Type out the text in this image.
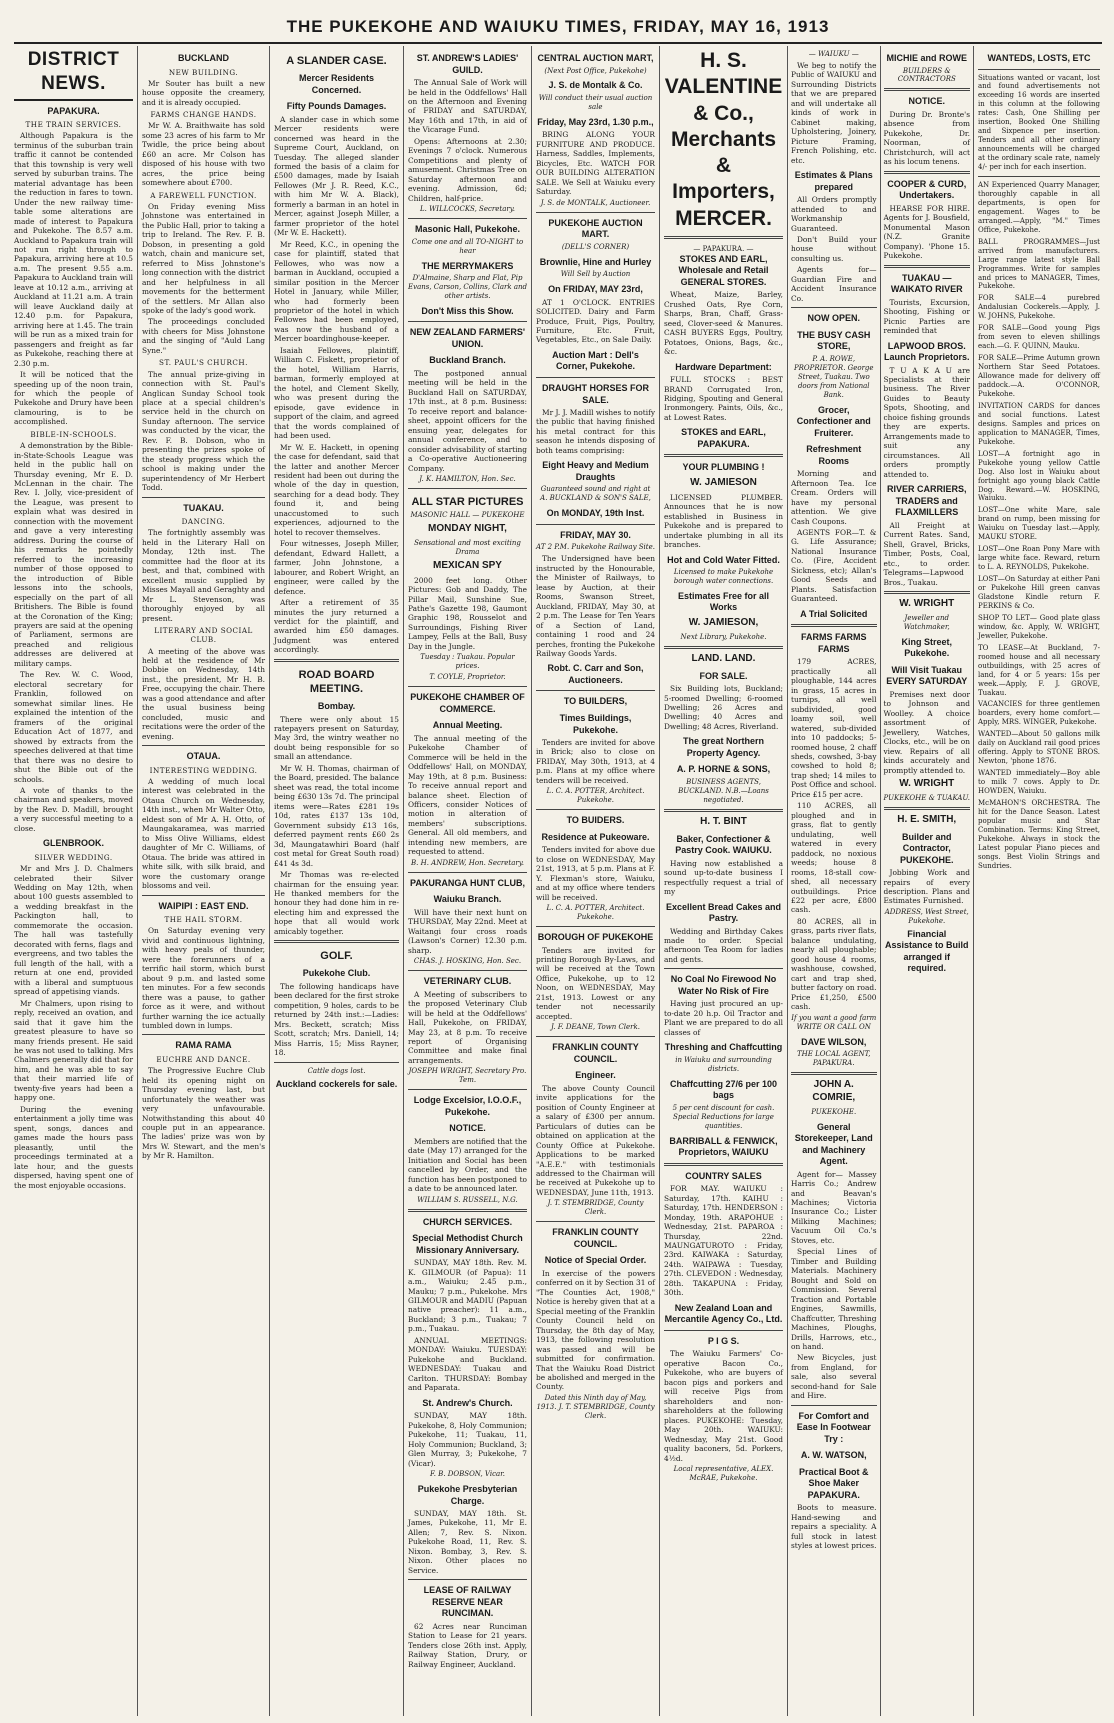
THE PUKEKOHE AND WAIUKU TIMES, FRIDAY, MAY 16, 1913
DISTRICT NEWS.
PAPAKURA.
THE TRAIN SERVICES.

Although Papakura is the terminus of the suburban train traffic it cannot be contended that this township is very well served by suburban trains. The material advantage has been the reduction in fares to town. Under the new railway time-table some alterations are made of interest to Papakura and Pukekohe. The 8.57 a.m. Auckland to Papakura train will not run right through to Papakura, arriving here at 10.5 a.m. The present 9.55 a.m. Papakura to Auckland train will leave at 10.12 a.m., arriving at Auckland at 11.21 a.m. A train will leave Auckland daily at 12.40 p.m. for Papakura, arriving here at 1.45. The train will be run as a mixed train for passengers and freight as far as Pukekohe, reaching there at 2.30 p.m.

It will be noticed that the speeding up of the noon train, for which the people of Pukekohe and Drury have been clamouring, is to be accomplished.

BIBLE-IN-SCHOOLS.

A demonstration by the Bible-in-State-Schools League was held in the public hall on Thursday evening, Mr E. D. McLennan in the chair. The Rev. I. Jolly, vice-president of the League, was present to explain what was desired in connection with the movement and gave a very interesting address. During the course of his remarks he pointedly referred to the increasing number of those opposed to the introduction of Bible lessons into the schools, especially on the part of all Britishers. The Bible is found at the Coronation of the King; prayers are said at the opening of Parliament, sermons are preached and religious addresses are delivered at military camps.

The Rev. W. C. Wood, electoral secretary for Franklin, followed on somewhat similar lines. He explained the intention of the framers of the original Education Act of 1877, and showed by extracts from the speeches delivered at that time that there was no desire to shut the Bible out of the schools.

A vote of thanks to the chairman and speakers, moved by the Rev. D. Madill, brought a very successful meeting to a close.

GLENBROOK.
SILVER WEDDING.

Mr and Mrs J. D. Chalmers celebrated their Silver Wedding on May 12th, when about 100 guests assembled to a wedding breakfast in the Packington hall, to commemorate the occasion. The hall was tastefully decorated with ferns, flags and evergreens, and two tables the full length of the hall, with a return at one end, provided with a liberal and sumptuous spread of appetising viands.

Mr Chalmers, upon rising to reply, received an ovation, and said that it gave him the greatest pleasure to have so many friends present. He said he was not used to talking. Mrs Chalmers generally did that for him, and he was able to say that their married life of twenty-five years had been a happy one.

During the evening entertainment a jolly time was spent, songs, dances and games made the hours pass pleasantly, until the proceedings terminated at a late hour, and the guests dispersed, having spent one of the most enjoyable occasions.

BUCKLAND
NEW BUILDING.

Mr Souter has built a new house opposite the creamery, and it is already occupied.

FARMS CHANGE HANDS.

Mr W. A. Braithwaite has sold some 23 acres of his farm to Mr Twidle, the price being about £60 an acre. Mr Colson has disposed of his house with two acres, the price being somewhere about £700.

A FAREWELL FUNCTION.

On Friday evening Miss Johnstone was entertained in the Public Hall, prior to taking a trip to Ireland. The Rev. F. B. Dobson, in presenting a gold watch, chain and manicure set, referred to Miss Johnstone's long connection with the district and her helpfulness in all movements for the betterment of the settlers. Mr Allan also spoke of the lady's good work.

The proceedings concluded with cheers for Miss Johnstone and the singing of "Auld Lang Syne."

ST. PAUL'S CHURCH.

The annual prize-giving in connection with St. Paul's Anglican Sunday School took place at a special children's service held in the church on Sunday afternoon. The service was conducted by the vicar, the Rev. F. B. Dobson, who in presenting the prizes spoke of the steady progress which the school is making under the superintendency of Mr Herbert Todd.

TUAKAU.
DANCING.

The fortnightly assembly was held in the Literary Hall on Monday, 12th inst. The committee had the floor at its best, and that, combined with excellent music supplied by Misses Mayall and Geraghty and Mr L. Stevenson, was thoroughly enjoyed by all present.

LITERARY AND SOCIAL CLUB.

A meeting of the above was held at the residence of Mr Dobbie on Wednesday, 14th inst., the president, Mr H. B. Free, occupying the chair. There was a good attendance and after the usual business being concluded, music and recitations were the order of the evening.

OTAUA.
INTERESTING WEDDING.

A wedding of much local interest was celebrated in the Otaua Church on Wednesday, 14th inst., when Mr Walter Otto, eldest son of Mr A. H. Otto, of Maungakaramea, was married to Miss Olive Williams, eldest daughter of Mr C. Williams, of Otaua. The bride was attired in white silk, with silk braid, and wore the customary orange blossoms and veil.

WAIPIPI : EAST END.
THE HAIL STORM.

On Saturday evening very vivid and continuous lightning, with heavy peals of thunder, were the forerunners of a terrific hail storm, which burst about 9 p.m. and lasted some ten minutes. For a few seconds there was a pause, to gather force as it were, and without further warning the ice actually tumbled down in lumps.

RAMA RAMA
EUCHRE AND DANCE.

The Progressive Euchre Club held its opening night on Thursday evening last, but unfortunately the weather was very unfavourable. Notwithstanding this about 40 couple put in an appearance. The ladies' prize was won by Mrs W. Stewart, and the men's by Mr R. Hamilton.

A SLANDER CASE.
Mercer Residents Concerned.
Fifty Pounds Damages.

A slander case in which some Mercer residents were concerned was heard in the Supreme Court, Auckland, on Tuesday. The alleged slander formed the basis of a claim for £500 damages, made by Isaiah Fellowes (Mr J. R. Reed, K.C., with him Mr W. A. Black), formerly a barman in an hotel in Mercer, against Joseph Miller, a farmer proprietor of the hotel (Mr W. E. Hackett).

Mr Reed, K.C., in opening the case for plaintiff, stated that Fellowes, who was now a barman in Auckland, occupied a similar position in the Mercer Hotel in January, while Miller, who had formerly been proprietor of the hotel in which Fellowes had been employed, was now the husband of a Mercer boardinghouse-keeper.

Isaiah Fellowes, plaintiff, William C. Fiskett, proprietor of the hotel, William Harris, barman, formerly employed at the hotel, and Clement Skelly, who was present during the episode, gave evidence in support of the claim, and agreed that the words complained of had been used.

Mr W. E. Hackett, in opening the case for defendant, said that the latter and another Mercer resident had been out during the whole of the day in question, searching for a dead body. They found it, and being unaccustomed to such experiences, adjourned to the hotel to recover themselves.

Four witnesses, Joseph Miller, defendant, Edward Hallett, a farmer, John Johnstone, a labourer, and Robert Wright, an engineer, were called by the defence.

After a retirement of 35 minutes the jury returned a verdict for the plaintiff, and awarded him £50 damages. Judgment was entered accordingly.

ROAD BOARD MEETING.
Bombay.

There were only about 15 ratepayers present on Saturday, May 3rd, the wintry weather no doubt being responsible for so small an attendance.

Mr W. H. Thomas, chairman of the Board, presided. The balance sheet was read, the total income being £630 13s 7d. The principal items were—Rates £281 19s 10d, rates £137 13s 10d, Government subsidy £13 16s, deferred payment rents £60 2s 3d, Maungatawhiri Board (half cost metal for Great South road) £41 4s 3d.

Mr Thomas was re-elected chairman for the ensuing year. He thanked members for the honour they had done him in re-electing him and expressed the hope that all would work amicably together.

GOLF.
Pukekohe Club.

The following handicaps have been declared for the first stroke competition, 9 holes, cards to be returned by 24th inst.:—Ladies: Mrs. Beckett, scratch; Miss Scott, scratch; Mrs. Daniell, 14; Miss Harris, 15; Miss Rayner, 18.

Cattle dogs lost.
Auckland cockerels for sale.
ST. ANDREW'S LADIES' GUILD.

The Annual Sale of Work will be held in the Oddfellows' Hall on the Afternoon and Evening of FRIDAY and SATURDAY, May 16th and 17th, in aid of the Vicarage Fund.

Opens: Afternoons at 2.30; Evenings 7 o'clock. Numerous Competitions and plenty of amusement. Christmas Tree on Saturday afternoon and evening. Admission, 6d; Children, half-price.

L. WILLCOCKS, Secretary.
Masonic Hall, Pukekohe.
Come one and all TO-NIGHT to hear
THE MERRYMAKERS
D'Almaine, Sharp and Flat, Pip Evans, Carson, Collins, Clark and other artists.
Don't Miss this Show.
NEW ZEALAND FARMERS' UNION.
Buckland Branch.

The postponed annual meeting will be held in the Buckland Hall on SATURDAY, 17th inst., at 8 p.m. Business: To receive report and balance-sheet, appoint officers for the ensuing year, delegates for annual conference, and to consider advisability of starting a Co-operative Auctioneering Company.

J. K. HAMILTON, Hon. Sec.
ALL STAR PICTURES
MASONIC HALL — PUKEKOHE
MONDAY NIGHT,
Sensational and most exciting Drama
MEXICAN SPY

2000 feet long. Other Pictures: Gob and Daddy, The Pillar Mail, Sunshine Sue, Pathe's Gazette 198, Gaumont Graphic 198, Rousselot and Surroundings, Fishing River Lampey, Fells at the Ball, Busy Day in the Jungle.

Tuesday : Tuakau. Popular prices.
T. COYLE, Proprietor.
PUKEKOHE CHAMBER OF COMMERCE.
Annual Meeting.

The annual meeting of the Pukekohe Chamber of Commerce will be held in the Oddfellows' Hall, on MONDAY, May 19th, at 8 p.m. Business: To receive annual report and balance sheet. Election of Officers, consider Notices of motion in alteration of members' subscriptions. General. All old members, and intending new members, are requested to attend.

B. H. ANDREW, Hon. Secretary.
PAKURANGA HUNT CLUB,
Waiuku Branch.

Will have their next hunt on THURSDAY, May 22nd. Meet at Waitangi four cross roads (Lawson's Corner) 12.30 p.m. sharp.

CHAS. J. HOSKING, Hon. Sec.
VETERINARY CLUB.

A Meeting of subscribers to the proposed Veterinary Club will be held at the Oddfellows' Hall, Pukekohe, on FRIDAY, May 23, at 8 p.m. To receive report of Organising Committee and make final arrangements.

JOSEPH WRIGHT, Secretary Pro. Tem.
Lodge Excelsior, I.O.O.F., Pukekohe.
NOTICE.

Members are notified that the date (May 17) arranged for the Initiation and Social has been cancelled by Order, and the function has been postponed to a date to be announced later.

WILLIAM S. RUSSELL, N.G.
CHURCH SERVICES.
Special Methodist Church Missionary Anniversary.

SUNDAY, MAY 18th. Rev. M. K. GILMOUR (of Papua): 11 a.m., Waiuku; 2.45 p.m., Mauku; 7 p.m., Pukekohe. Mrs GILMOUR and MADIU (Papuan native preacher): 11 a.m., Buckland; 3 p.m., Tuakau; 7 p.m., Tuakau.

ANNUAL MEETINGS: MONDAY: Waiuku. TUESDAY: Pukekohe and Buckland. WEDNESDAY: Tuakau and Carlton. THURSDAY: Bombay and Paparata.

St. Andrew's Church.

SUNDAY, MAY 18th. Pukekohe, 8, Holy Communion; Pukekohe, 11; Tuakau, 11, Holy Communion; Buckland, 3; Glen Murray, 3; Pukekohe, 7 (Vicar).

F. B. DOBSON, Vicar.
Pukekohe Presbyterian Charge.

SUNDAY, MAY 18th. St. James, Pukekohe, 11, Mr E. Allen; 7, Rev. S. Nixon. Pukekohe Road, 11, Rev. S. Nixon. Bombay, 3, Rev. S. Nixon. Other places no Service.

LEASE OF RAILWAY RESERVE NEAR RUNCIMAN.

62 Acres near Runciman Station to Lease for 21 years. Tenders close 26th inst. Apply, Railway Station, Drury, or Railway Engineer, Auckland.

CENTRAL AUCTION MART,
(Next Post Office, Pukekohe)
J. S. de Montalk & Co.
Will conduct their usual auction sale
Friday, May 23rd, 1.30 p.m.,

BRING ALONG YOUR FURNITURE AND PRODUCE. Harness, Saddles, Implements, Bicycles, Etc. WATCH FOR OUR BUILDING ALTERATION SALE. We Sell at Waiuku every Saturday.

J. S. de MONTALK, Auctioneer.
PUKEKOHE AUCTION MART.
(DELL'S CORNER)
Brownlie, Hine and Hurley
Will Sell by Auction
On FRIDAY, MAY 23rd,

AT 1 O'CLOCK. ENTRIES SOLICITED. Dairy and Farm Produce, Fruit, Pigs, Poultry, Furniture, Etc. Fruit, Vegetables, Etc., on Sale Daily.

Auction Mart : Dell's Corner, Pukekohe.
DRAUGHT HORSES FOR SALE.

Mr J. J. Madill wishes to notify the public that having finished his metal contract for this season he intends disposing of both teams comprising:

Eight Heavy and Medium Draughts
Guaranteed sound and right at A. BUCKLAND & SON'S SALE,
On MONDAY, 19th Inst.
FRIDAY, MAY 30.
AT 2 P.M. Pukekohe Railway Site.

The Undersigned have been instructed by the Honourable, the Minister of Railways, to lease by Auction, at their Rooms, Swanson Street, Auckland, FRIDAY, May 30, at 2 p.m. The Lease for Ten Years of a Section of Land, containing 1 rood and 24 perches, fronting the Pukekohe Railway Goods Yards.

Robt. C. Carr and Son, Auctioneers.
TO BUILDERS,
Times Buildings, Pukekohe.

Tenders are invited for above in Brick; also to close on FRIDAY, May 30th, 1913, at 4 p.m. Plans at my office where tenders will be received.

L. C. A. POTTER, Architect. Pukekohe.
TO BUIDERS.
Residence at Pukeoware.

Tenders invited for above due to close on WEDNESDAY, May 21st, 1913, at 5 p.m. Plans at F. Y. Flexman's store, Waiuku, and at my office where tenders will be received.

L. C. A. POTTER, Architect. Pukekohe.
BOROUGH OF PUKEKOHE

Tenders are invited for printing Borough By-Laws, and will be received at the Town Office, Pukekohe, up to 12 Noon, on WEDNESDAY, May 21st, 1913. Lowest or any tender not necessarily accepted.

J. F. DEANE, Town Clerk.
FRANKLIN COUNTY COUNCIL.
Engineer.

The above County Council invite applications for the position of County Engineer at a salary of £300 per annum. Particulars of duties can be obtained on application at the County Office at Pukekohe. Applications to be marked "A.E.E." with testimonials addressed to the Chairman will be received at Pukekohe up to WEDNESDAY, June 11th, 1913.

J. T. STEMBRIDGE, County Clerk.
FRANKLIN COUNTY COUNCIL.
Notice of Special Order.

In exercise of the powers conferred on it by Section 31 of "The Counties Act, 1908," Notice is hereby given that at a Special meeting of the Franklin County Council held on Thursday, the 8th day of May, 1913, the following resolution was passed and will be submitted for confirmation. That the Waiuku Road District be abolished and merged in the County.

Dated this Ninth day of May, 1913. J. T. STEMBRIDGE, County Clerk.
H. S. VALENTINE & Co.,
Merchants & Importers,
MERCER.
— PAPAKURA. —
STOKES AND EARL,
Wholesale and Retail GENERAL STORES.

Wheat, Maize, Barley, Crushed Oats, Rye Corn, Sharps, Bran, Chaff, Grass-seed, Clover-seed & Manures. CASH BUYERS Eggs, Poultry, Potatoes, Onions, Bags, &c., &c.

Hardware Department:

FULL STOCKS : BEST BRAND Corrugated Iron, Ridging, Spouting and General Ironmongery. Paints, Oils, &c., at Lowest Rates.

STOKES and EARL, PAPAKURA.
YOUR PLUMBING !
W. JAMIESON

LICENSED PLUMBER. Announces that he is now established in Business in Pukekohe and is prepared to undertake plumbing in all its branches.

Hot and Cold Water Fitted.
Licensed to make Pukekohe borough water connections.
Estimates Free for all Works
W. JAMIESON,
Next Library, Pukekohe.
LAND. LAND.
FOR SALE.

Six Building lots, Buckland; 5-roomed Dwelling; 6-roomed Dwelling; 26 Acres and Dwelling; 40 Acres and Dwelling; 48 Acres, Riverland.

The great Northern Property Agency.
A. P. HORNE & SONS,
BUSINESS AGENTS, BUCKLAND. N.B.—Loans negotiated.
H. T. BINT
Baker, Confectioner & Pastry Cook. WAIUKU.

Having now established a sound up-to-date business I respectfully request a trial of my

Excellent Bread Cakes and Pastry.

Wedding and Birthday Cakes made to order. Special afternoon Tea Room for ladies and gents.

No Coal No Firewood No Water No Risk of Fire

Having just procured an up-to-date 20 h.p. Oil Tractor and Plant we are prepared to do all classes of

Threshing and Chaffcutting
in Waiuku and surrounding districts.
Chaffcutting 27/6 per 100 bags
5 per cent discount for cash. Special Reductions for large quantities.
BARRIBALL & FENWICK, Proprietors, WAIUKU
COUNTRY SALES

FOR MAY. WAIUKU : Saturday, 17th. KAIHU : Saturday, 17th. HENDERSON : Monday, 19th. ARAPOHUE : Wednesday, 21st. PAPAROA : Thursday, 22nd. MAUNGATUROTO : Friday, 23rd. KAIWAKA : Saturday, 24th. WAIPAWA : Tuesday, 27th. CLEVEDON : Wednesday, 28th. TAKAPUNA : Friday, 30th.

New Zealand Loan and Mercantile Agency Co., Ltd.
P I G S.

The Waiuku Farmers' Co-operative Bacon Co., Pukekohe, who are buyers of bacon pigs and porkers and will receive Pigs from shareholders and non-shareholders at the following places. PUKEKOHE: Tuesday, May 20th. WAIUKU: Wednesday, May 21st. Good quality baconers, 5d. Porkers, 4½d.

Local representative, ALEX. McRAE, Pukekohe.
— WAIUKU —

We beg to notify the Public of WAIUKU and Surrounding Districts that we are prepared and will undertake all kinds of work in Cabinet making, Upholstering, Joinery, Picture Framing, French Polishing, etc. etc.

Estimates & Plans prepared

All Orders promptly attended to and Workmanship Guaranteed.

Don't Build your house without consulting us.

Agents for—Guardian Fire and Accident Insurance Co.

NOW OPEN.
THE BUSY CASH STORE,
P. A. ROWE, PROPRIETOR. George Street, Tuakau. Two doors from National Bank.
Grocer, Confectioner and Fruiterer.
Refreshment Rooms

Morning and Afternoon Tea. Ice Cream. Orders will have my personal attention. We give Cash Coupons.

AGENTS FOR—T. & G. Life Assurance; National Insurance Co. (Fire, Accident Sickness, etc); Allan's Good Seeds and Plants. Satisfaction Guaranteed.

A Trial Solicited
FARMS FARMS FARMS

179 ACRES, practically all ploughable, 144 acres in grass, 15 acres in turnips, all well subdivided, good loamy soil, well watered, sub-divided into 10 paddocks; 5-roomed house, 2 chaff sheds, cowshed, 3-bay cowshed to hold 8; trap shed; 14 miles to Post Office and school. Price £15 per acre.

110 ACRES, all ploughed and in grass, flat to gently undulating, well watered in every paddock, no noxious weeds; house 8 rooms, 18-stall cow-shed, all necessary outbuildings. Price £22 per acre, £800 cash.

80 ACRES, all in grass, parts river flats, balance undulating, nearly all ploughable; good house 4 rooms, washhouse, cowshed, cart and trap shed, butter factory on road. Price £1,250, £500 cash.

If you want a good farm WRITE OR CALL ON
DAVE WILSON,
THE LOCAL AGENT, PAPAKURA.
JOHN A. COMRIE,
PUKEKOHE.
General Storekeeper, Land and Machinery Agent.

Agent for— Massey Harris Co.; Andrew and Beavan's Machines; Victoria Insurance Co.; Lister Milking Machines; Vacuum Oil Co.'s Stoves, etc.

Special Lines of Timber and Building Materials. Machinery Bought and Sold on Commission. Several Traction and Portable Engines, Sawmills, Chaffcutter, Threshing Machines, Ploughs, Drills, Harrows, etc., on hand.

New Bicycles, just from England, for sale, also several second-hand for Sale and Hire.

For Comfort and Ease In Footwear Try :
A. W. WATSON,
Practical Boot & Shoe Maker PAPAKURA.

Boots to measure. Hand-sewing and repairs a speciality. A full stock in latest styles at lowest prices.

MICHIE and ROWE
BUILDERS & CONTRACTORS
NOTICE.

During Dr. Bronte's absence from Pukekohe, Dr. Noorman, of Christchurch, will act as his locum tenens.

COOPER & CURD, Undertakers.

HEARSE FOR HIRE. Agents for J. Bousfield, Monumental Mason (N.Z. Granite Company). 'Phone 15. Pukekohe.

TUAKAU — WAIKATO RIVER

Tourists, Excursion, Shooting, Fishing or Picnic Parties are reminded that

LAPWOOD BROS. Launch Proprietors.

T U A K A U are Specialists at their business. The River Guides to Beauty Spots, Shooting, and choice fishing grounds they are experts. Arrangements made to suit any circumstances. All orders promptly attended to.

RIVER CARRIERS, TRADERS and FLAXMILLERS

All Freight at Current Rates. Sand, Shell, Gravel, Bricks, Timber, Posts, Coal, etc., to order. Telegrams—Lapwood Bros., Tuakau.

W. WRIGHT
Jeweller and Watchmaker,
King Street, Pukekohe.
Will Visit Tuakau EVERY SATURDAY

Premises next door to Johnson and Woolley. A choice assortment of Jewellery, Watches, Clocks, etc., will be on view. Repairs of all kinds accurately and promptly attended to.

W. WRIGHT
PUKEKOHE & TUAKAU.
H. E. SMITH,
Builder and Contractor, PUKEKOHE.

Jobbing Work and repairs of every description. Plans and Estimates Furnished.

ADDRESS, West Street, Pukekohe.
Financial Assistance to Build arranged if required.
WANTEDS, LOSTS, ETC

Situations wanted or vacant, lost and found advertisements not exceeding 16 words are inserted in this column at the following rates: Cash, One Shilling per insertion, Booked One Shilling and Sixpence per insertion. Tenders and all other ordinary announcements will be charged at the ordinary scale rate, namely 4/- per inch for each insertion.

AN Experienced Quarry Manager, thoroughly capable in all departments, is open for engagement. Wages to be arranged.—Apply, "M." Times Office, Pukekohe.

BALL PROGRAMMES—Just arrived from manufacturers. Large range latest style Ball Programmes. Write for samples and prices to MANAGER, Times, Pukekohe.

FOR SALE—4 purebred Andalusian Cockerels.—Apply, J. W. JOHNS, Pukekohe.

FOR SALE—Good young Pigs from seven to eleven shillings each.—G. F. QUINN, Mauku.

FOR SALE—Prime Autumn grown Northern Star Seed Potatoes. Allowance made for delivery off paddock.—A. O'CONNOR, Pukekohe.

INVITATION CARDS for dances and social functions. Latest designs. Samples and prices on application to MANAGER, Times, Pukekohe.

LOST—A fortnight ago in Pukekohe young yellow Cattle Dog. Also lost in Waiuku about fortnight ago young black Cattle Dog. Reward.—W. HOSKING, Waiuku.

LOST—One white Mare, sale brand on rump, been missing for Waiuku on Tuesday last.—Apply, MAUKU STORE.

LOST—One Roan Pony Mare with large white face. Reward, return to L. A. REYNOLDS, Pukekohe.

LOST—On Saturday at either Pani or Pukekohe Hill green canvas Gladstone Kindle return F. PERKINS & Co.

SHOP TO LET— Good plate glass window, &c. Apply, W. WRIGHT, Jeweller, Pukekohe.

TO LEASE—At Buckland, 7-roomed house and all necessary outbuildings, with 25 acres of land, for 4 or 5 years: 15s per week.—Apply, F. J. GROVE, Tuakau.

VACANCIES for three gentlemen boarders, every home comfort.—Apply, MRS. WINGER, Pukekohe.

WANTED—About 50 gallons milk daily on Auckland rail good prices offering. Apply to STONE BROS. Newton, 'phone 1876.

WANTED immediately—Boy able to milk 7 cows. Apply to Dr. HOWDEN, Waiuku.

McMAHON'S ORCHESTRA. The hit for the Dance Season. Latest popular music and Star Combination. Terms: King Street, Pukekohe. Always in stock the Latest popular Piano pieces and songs. Best Violin Strings and Sundries.
